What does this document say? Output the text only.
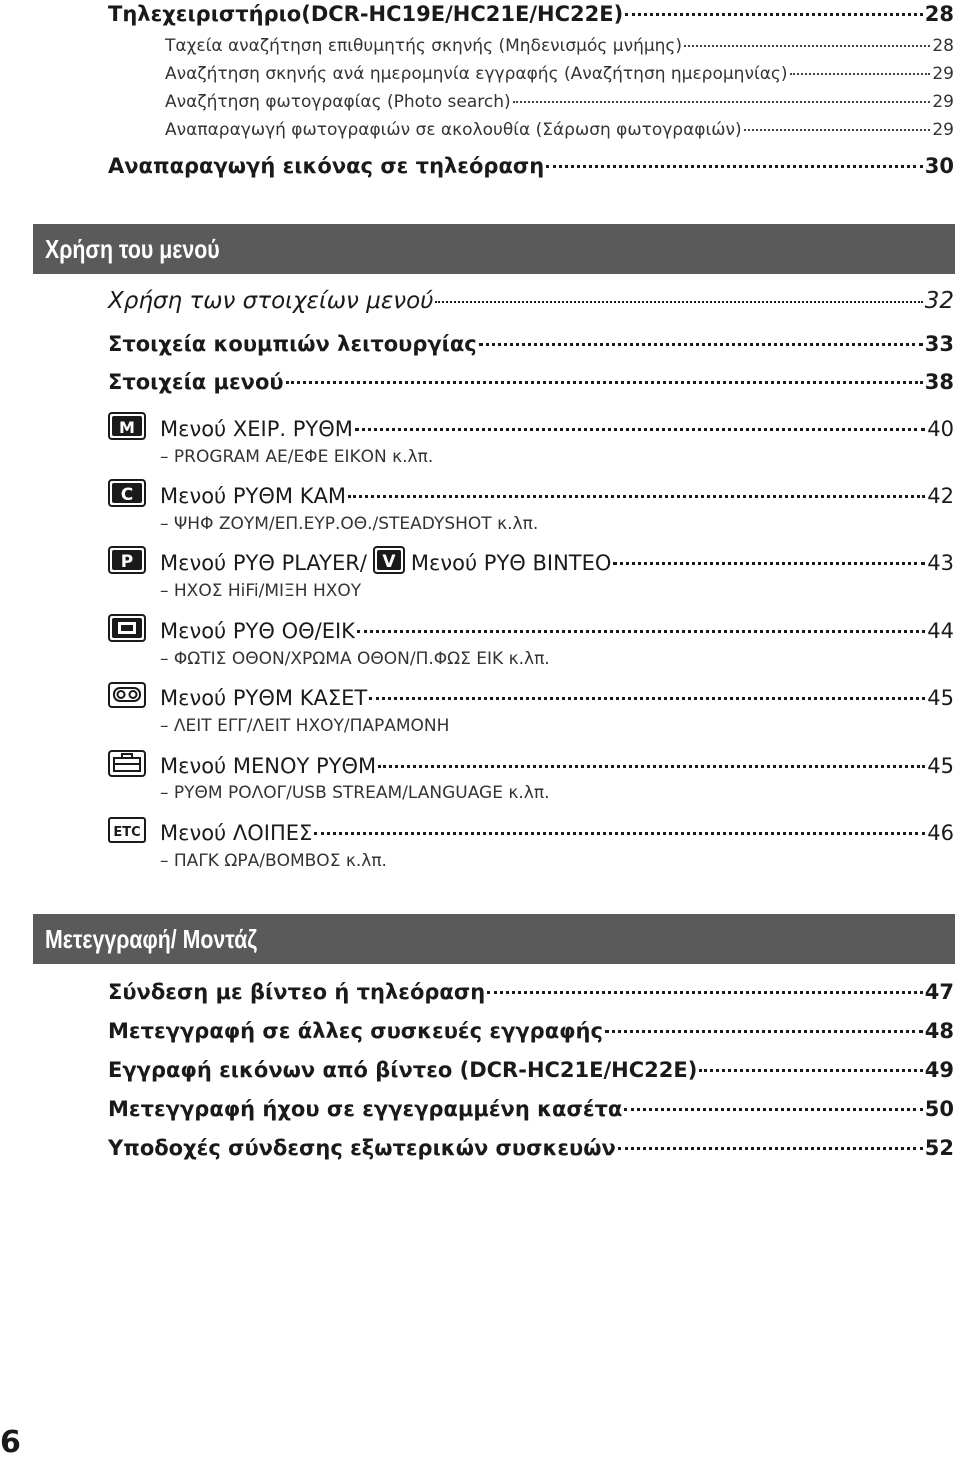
Τηλεχειριστήριο(DCR-HC19E/HC21E/HC22E)	28
Ταχεία αναζήτηση επιθυμητής σκηνής (Μηδενισμός μνήμης)	28
Αναζήτηση σκηνής ανά ημερομηνία εγγραφής (Αναζήτηση ημερομηνίας)	29
Αναζήτηση φωτογραφίας (Photo search)	29
Αναπαραγωγή φωτογραφιών σε ακολουθία (Σάρωση φωτογραφιών)	29
Αναπαραγωγή εικόνας σε τηλεόραση	30
Χρήση του μενού
Χρήση των στοιχείων μενού	32
Στοιχεία κουμπιών λειτουργίας	33
Στοιχεία μενού	38
M Μενού ΧΕΙΡ. ΡΥΘΜ	40
– PROGRAM AE/ΕΦΕ ΕΙΚΟΝ κ.λπ.
C Μενού ΡΥΘΜ ΚΑΜ	42
– ΨΗΦ ΖΟΥΜ/ΕΠ.ΕΥΡ.ΟΘ./STEADYSHOT κ.λπ.
P Μενού ΡΥΘ PLAYER/ V Μενού ΡΥΘ ΒΙΝΤΕΟ	43
– ΗΧΟΣ HiFi/ΜΙΞΗ ΗΧΟΥ
Μενού ΡΥΘ ΟΘ/ΕΙΚ	44
– ΦΩΤΙΣ ΟΘΟΝ/ΧΡΩΜΑ ΟΘΟΝ/Π.ΦΩΣ ΕΙΚ κ.λπ.
Μενού ΡΥΘΜ ΚΑΣΕΤ	45
– ΛΕΙΤ ΕΓΓ/ΛΕΙΤ ΗΧΟΥ/ΠΑΡΑΜΟΝΗ
Μενού ΜΕΝΟΥ ΡΥΘΜ	45
– ΡΥΘΜ ΡΟΛΟΓ/USB STREAM/LANGUAGE κ.λπ.
ETC Μενού ΛΟΙΠΕΣ	46
– ΠΑΓΚ ΩΡΑ/ΒΟΜΒΟΣ κ.λπ.
Μετεγγραφή/ Μοντάζ
Σύνδεση με βίντεο ή τηλεόραση	47
Μετεγγραφή σε άλλες συσκευές εγγραφής	48
Εγγραφή εικόνων από βίντεο (DCR-HC21E/HC22E)	49
Μετεγγραφή ήχου σε εγγεγραμμένη κασέτα	50
Υποδοχές σύνδεσης εξωτερικών συσκευών	52
6
